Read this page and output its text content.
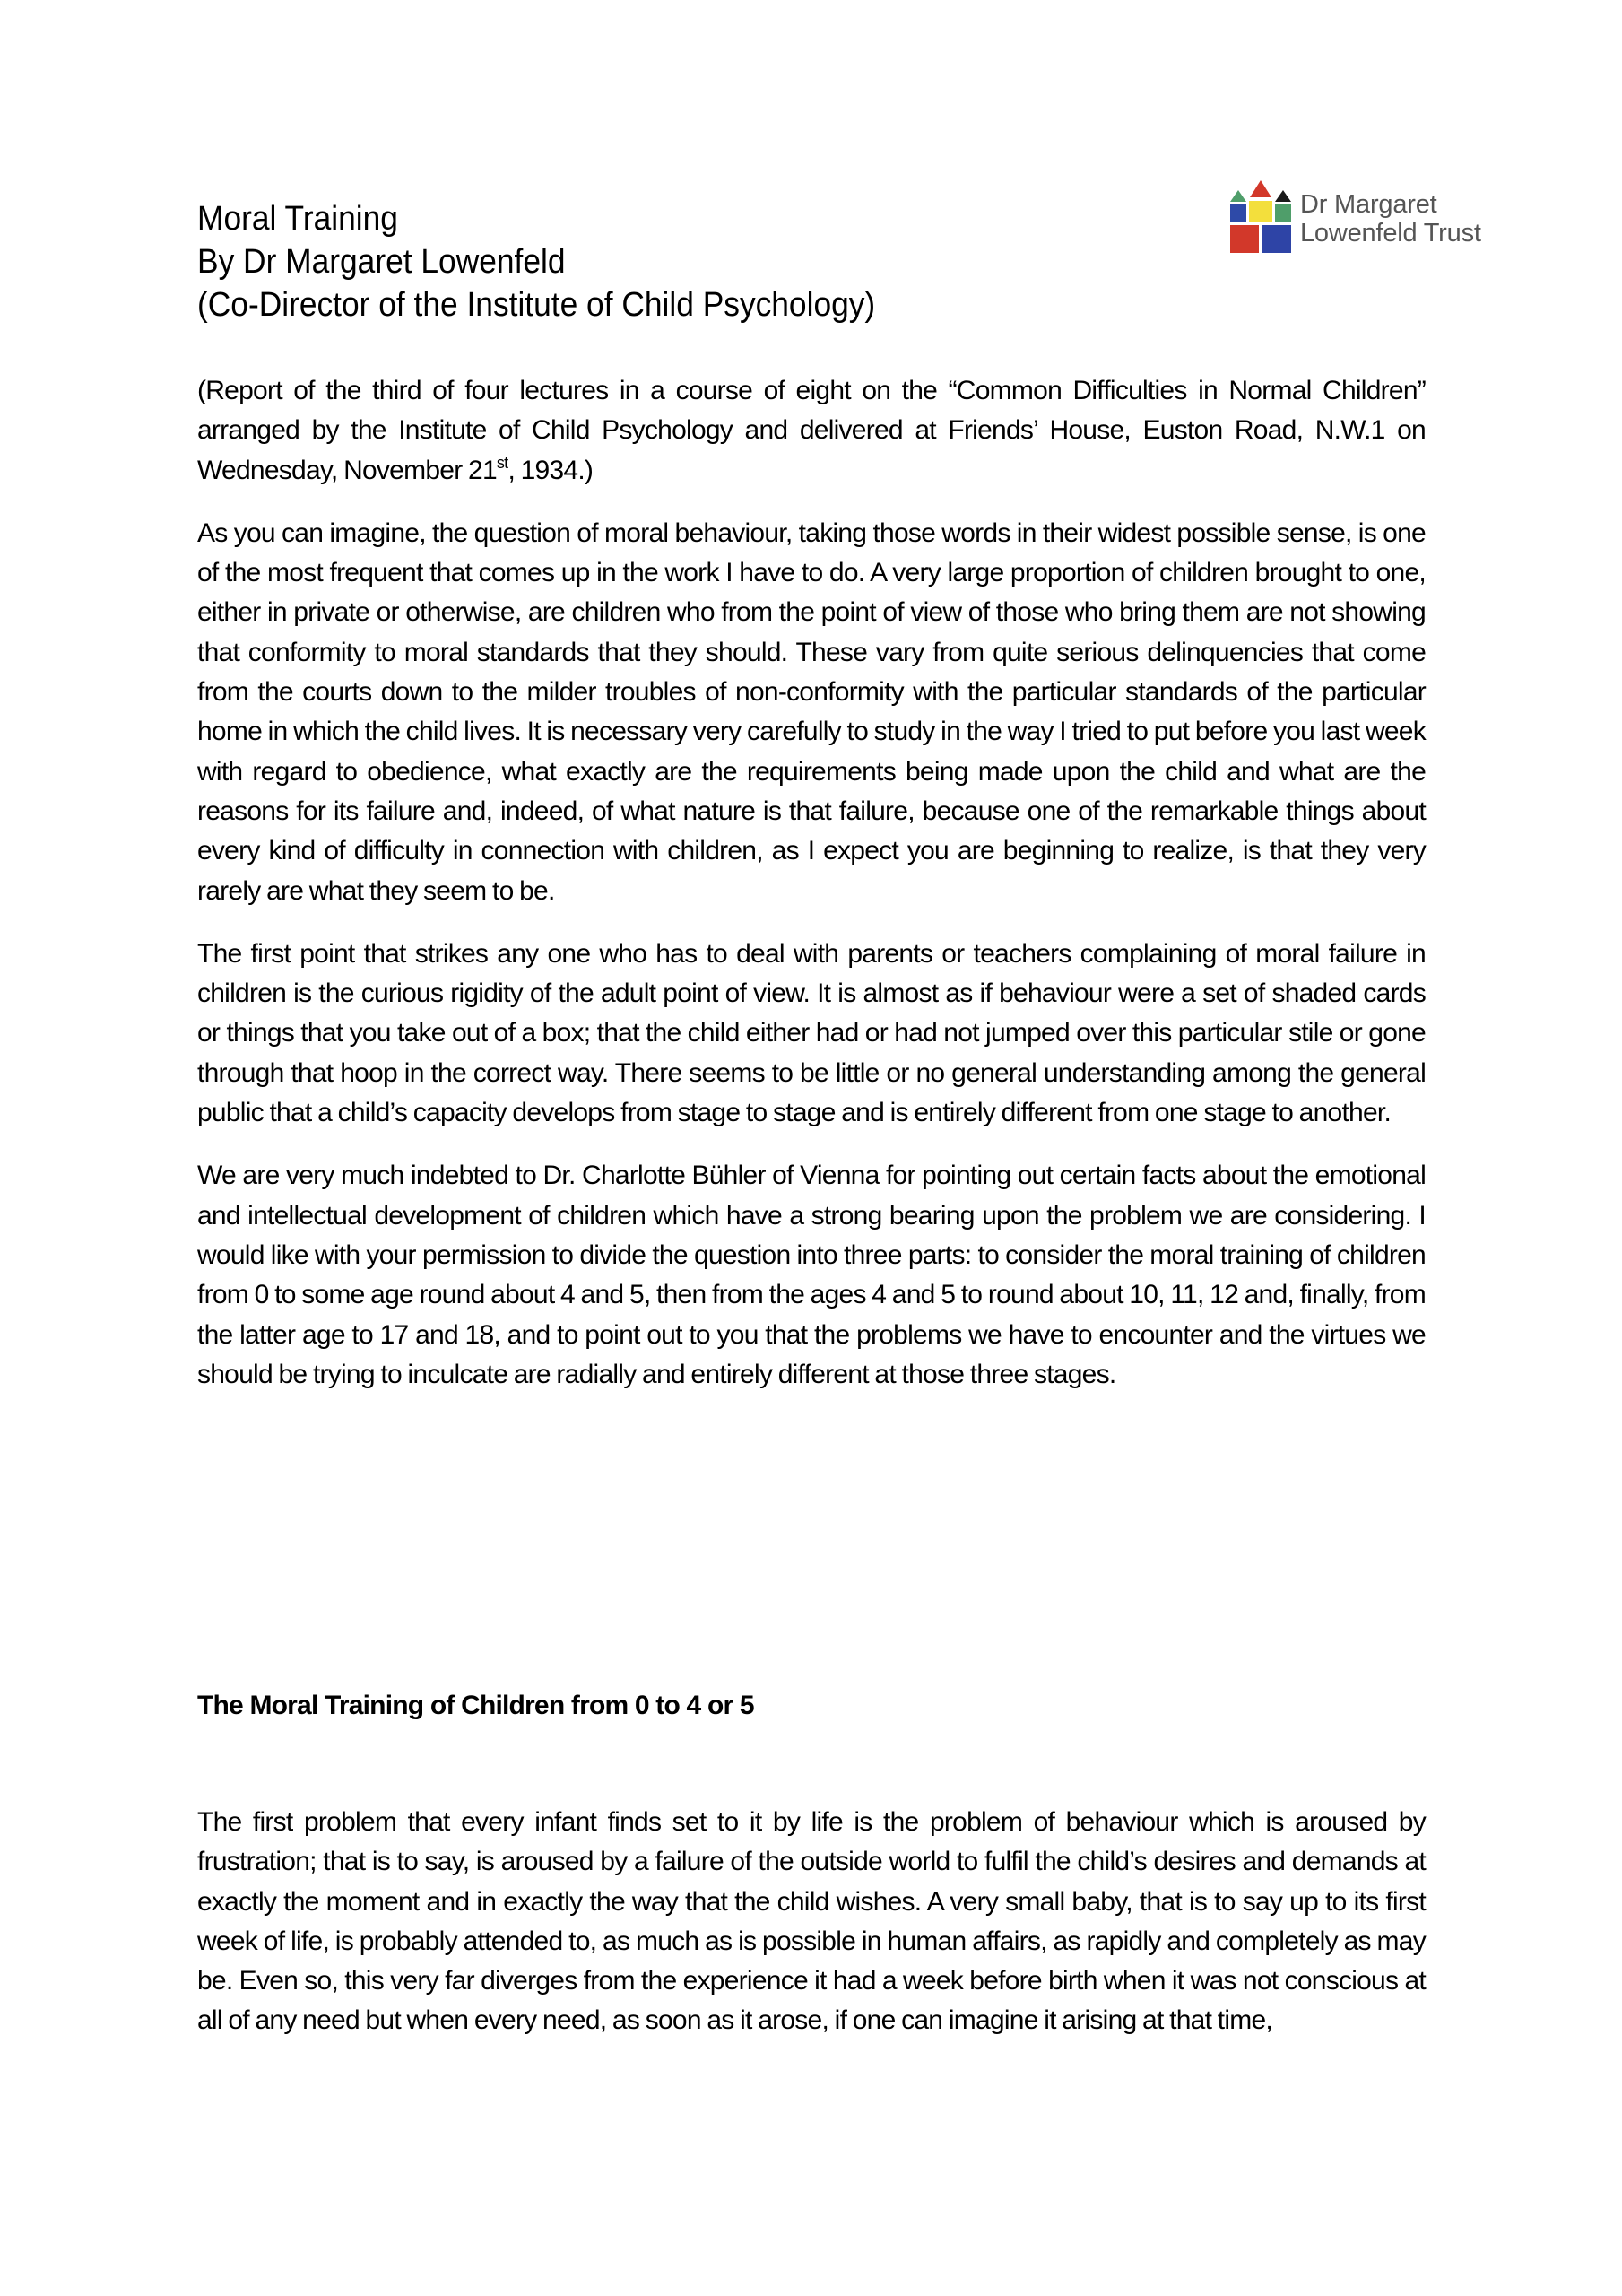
Dr Margaret
Lowenfeld Trust
Moral Training
By Dr Margaret Lowenfeld
(Co-Director of the Institute of Child Psychology)

(Report of the third of four lectures in a course of eight on the “Common Difficulties in Normal Children” arranged by the Institute of Child Psychology and delivered at Friends’ House, Euston Road, N.W.1 on Wednesday, November 21st, 1934.)

As you can imagine, the question of moral behaviour, taking those words in their widest possible sense, is one of the most frequent that comes up in the work I have to do. A very large proportion of children brought to one, either in private or otherwise, are children who from the point of view of those who bring them are not showing that conformity to moral standards that they should. These vary from quite serious delinquencies that come from the courts down to the milder troubles of non-conformity with the particular standards of the particular home in which the child lives. It is necessary very carefully to study in the way I tried to put before you last week with regard to obedience, what exactly are the requirements being made upon the child and what are the reasons for its failure and, indeed, of what nature is that failure, because one of the remarkable things about every kind of difficulty in connection with children, as I expect you are beginning to realize, is that they very rarely are what they seem to be.

The first point that strikes any one who has to deal with parents or teachers complaining of moral failure in children is the curious rigidity of the adult point of view. It is almost as if behaviour were a set of shaded cards or things that you take out of a box; that the child either had or had not jumped over this particular stile or gone through that hoop in the correct way. There seems to be little or no general understanding among the general public that a child’s capacity develops from stage to stage and is entirely different from one stage to another.

We are very much indebted to Dr. Charlotte Bühler of Vienna for pointing out certain facts about the emotional and intellectual development of children which have a strong bearing upon the problem we are considering. I would like with your permission to divide the question into three parts: to consider the moral training of children from 0 to some age round about 4 and 5, then from the ages 4 and 5 to round about 10, 11, 12 and, finally, from the latter age to 17 and 18, and to point out to you that the problems we have to encounter and the virtues we should be trying to inculcate are radially and entirely different at those three stages.

The Moral Training of Children from 0 to 4 or 5

The first problem that every infant finds set to it by life is the problem of behaviour which is aroused by frustration; that is to say, is aroused by a failure of the outside world to fulfil the child’s desires and demands at exactly the moment and in exactly the way that the child wishes. A very small baby, that is to say up to its first week of life, is probably attended to, as much as is possible in human affairs, as rapidly and completely as may be. Even so, this very far diverges from the experience it had a week before birth when it was not conscious at all of any need but when every need, as soon as it arose, if one can imagine it arising at that time,
